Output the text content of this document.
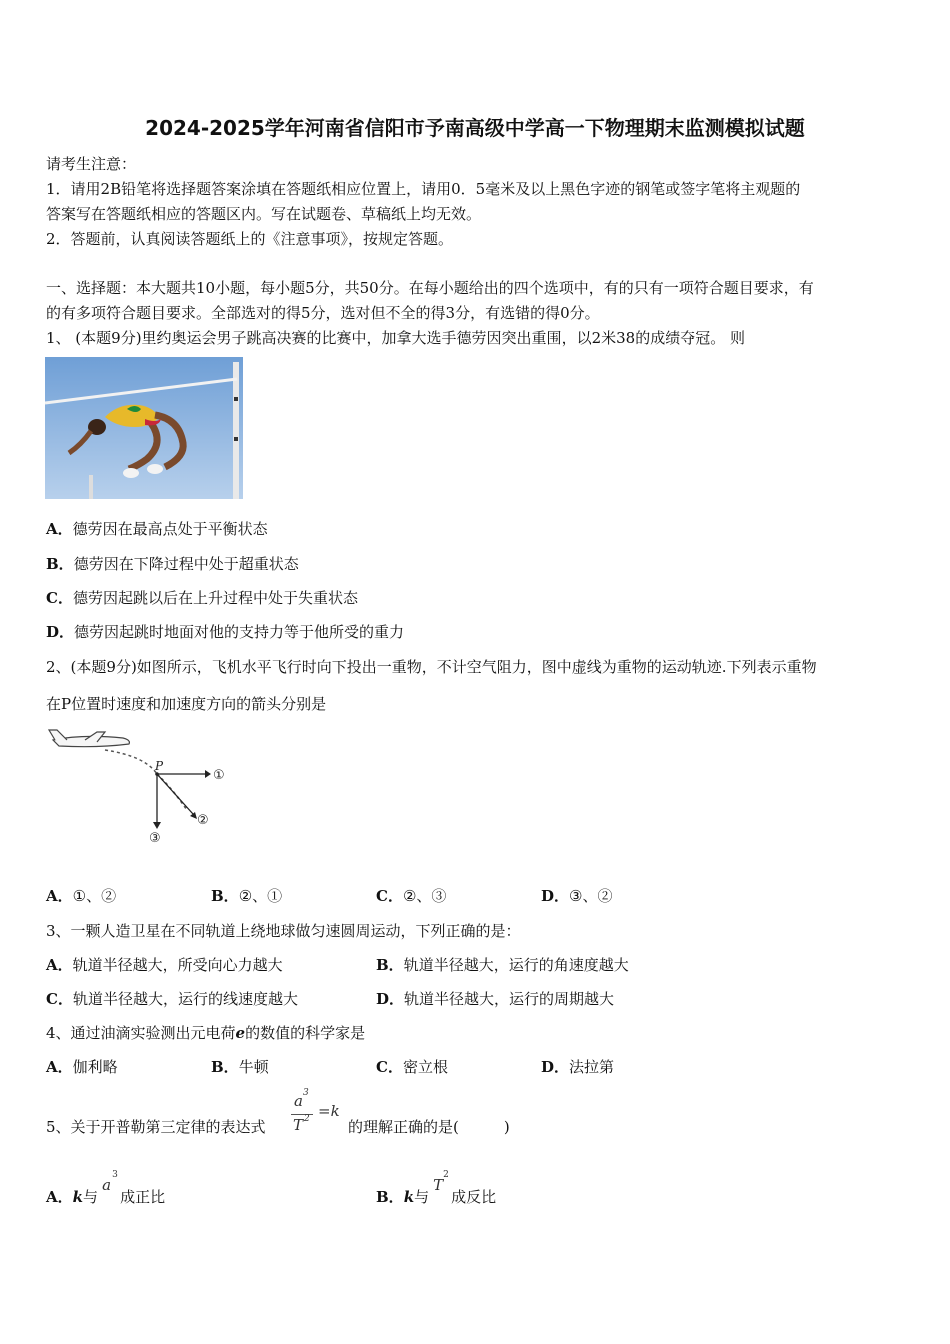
2024-2025学年河南省信阳市予南高级中学高一下物理期末监测模拟试题
请考生注意：
1．请用2B铅笔将选择题答案涂填在答题纸相应位置上，请用0．5毫米及以上黑色字迹的钢笔或签字笔将主观题的
答案写在答题纸相应的答题区内。写在试题卷、草稿纸上均无效。
2．答题前，认真阅读答题纸上的《注意事项》，按规定答题。
一、选择题：本大题共10小题，每小题5分，共50分。在每小题给出的四个选项中，有的只有一项符合题目要求，有
的有多项符合题目要求。全部选对的得5分，选对但不全的得3分，有选错的得0分。
1、 (本题9分)里约奥运会男子跳高决赛的比赛中，加拿大选手德劳因突出重围，以2米38的成绩夺冠。 则
A．德劳因在最高点处于平衡状态
B．德劳因在下降过程中处于超重状态
C．德劳因起跳以后在上升过程中处于失重状态
D．德劳因起跳时地面对他的支持力等于他所受的重力
2、(本题9分)如图所示，飞机水平飞行时向下投出一重物，不计空气阻力，图中虚线为重物的运动轨迹.下列表示重物
在P位置时速度和加速度方向的箭头分别是
P
①
②
③
A．①、②	B．②、①	C．②、③	D．③、②
3、一颗人造卫星在不同轨道上绕地球做匀速圆周运动，下列正确的是：
A．轨道半径越大，所受向心力越大	B．轨道半径越大，运行的角速度越大
C．轨道半径越大，运行的线速度越大	D．轨道半径越大，运行的周期越大
4、通过油滴实验测出元电荷e的数值的科学家是
A．伽利略	B．牛顿	C．密立根	D．法拉第
5、关于开普勒第三定律的表达式
a 3
T 2 =k
的理解正确的是(　　　)
A．k与
a
3
成正比	B．k与
T
2
成反比
